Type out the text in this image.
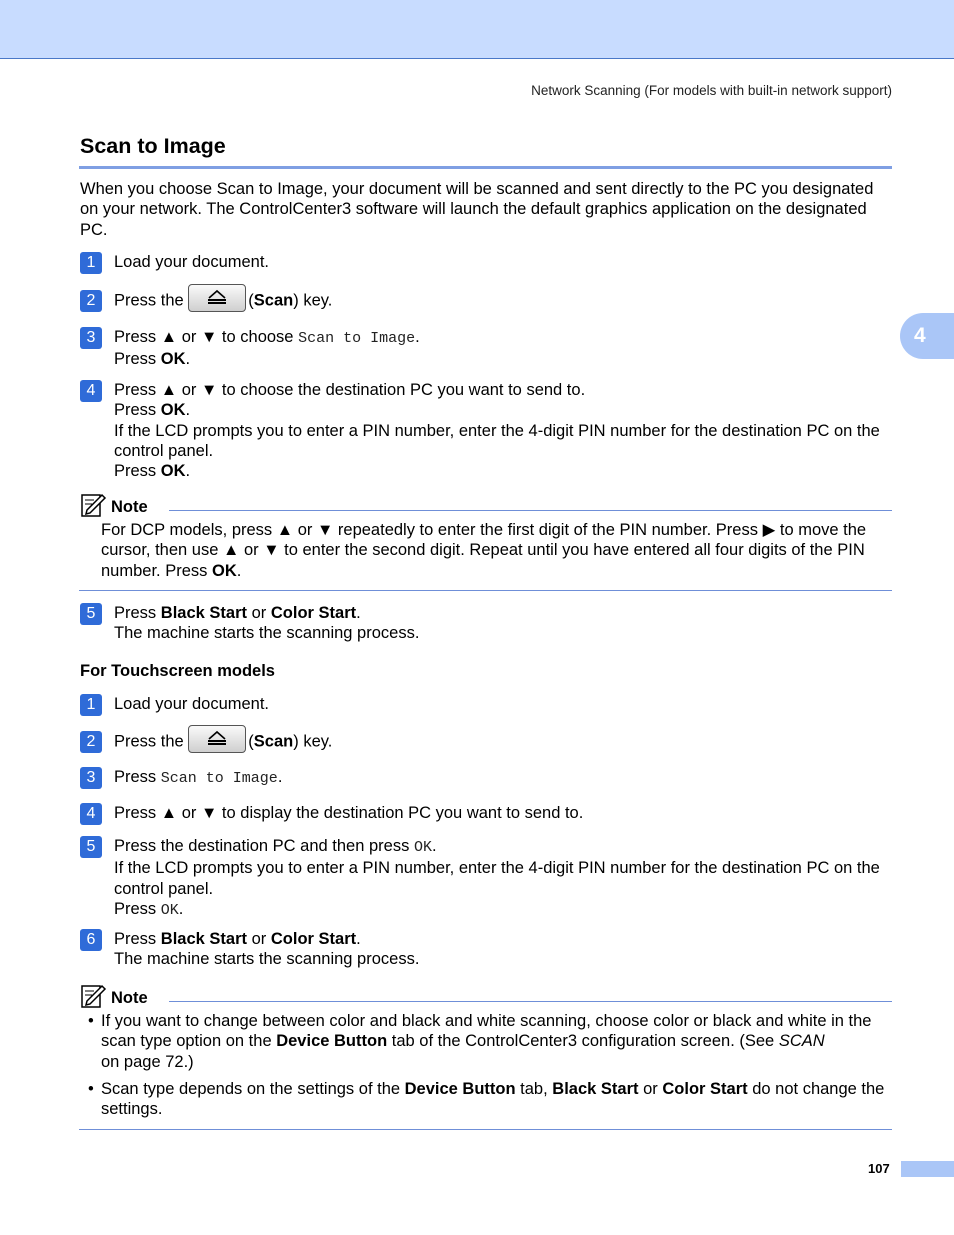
Network Scanning (For models with built-in network support)
4
Scan to Image

When you choose Scan to Image, your document will be scanned and sent directly to the PC you designated on your network. The ControlCenter3 software will launch the default graphics application on the designated PC.

1	Load your document.
2	Press the	(Scan) key.
3	Press ▲ or ▼ to choose Scan to Image.
Press OK.
4	Press ▲ or ▼ to choose the destination PC you want to send to.
Press OK.
If the LCD prompts you to enter a PIN number, enter the 4-digit PIN number for the destination PC on the control panel.
Press OK.
Note

For DCP models, press ▲ or ▼ repeatedly to enter the first digit of the PIN number. Press ▶ to move the cursor, then use ▲ or ▼ to enter the second digit. Repeat until you have entered all four digits of the PIN number. Press OK.

5	Press Black Start or Color Start.
The machine starts the scanning process.
For Touchscreen models
1	Load your document.
2	Press the	(Scan) key.
3	Press Scan to Image.
4	Press ▲ or ▼ to display the destination PC you want to send to.
5	Press the destination PC and then press OK.
If the LCD prompts you to enter a PIN number, enter the 4-digit PIN number for the destination PC on the control panel.
Press OK.
6	Press Black Start or Color Start.
The machine starts the scanning process.
Note
• If you want to change between color and black and white scanning, choose color or black and white in the scan type option on the Device Button tab of the ControlCenter3 configuration screen. (See SCAN
on page 72.)
• Scan type depends on the settings of the Device Button tab, Black Start or Color Start do not change the settings.
107
